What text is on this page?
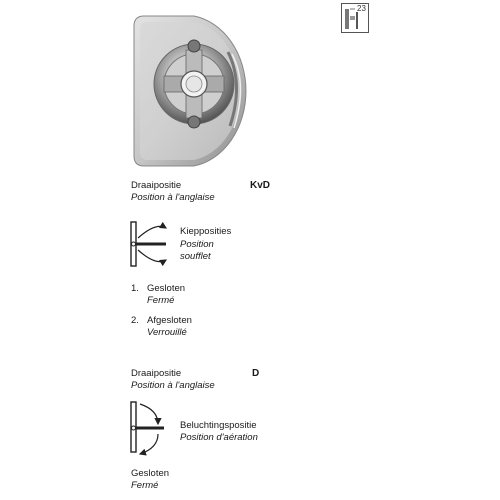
23
Draaipositie
Position à l'anglaise
KvD
Kiepposities
Position
soufflet
1. Gesloten
Fermé
2. Afgesloten
Verrouillé
Draaipositie
Position à l'anglaise
D
Beluchtingspositie
Position d'aération
Gesloten
Fermé
